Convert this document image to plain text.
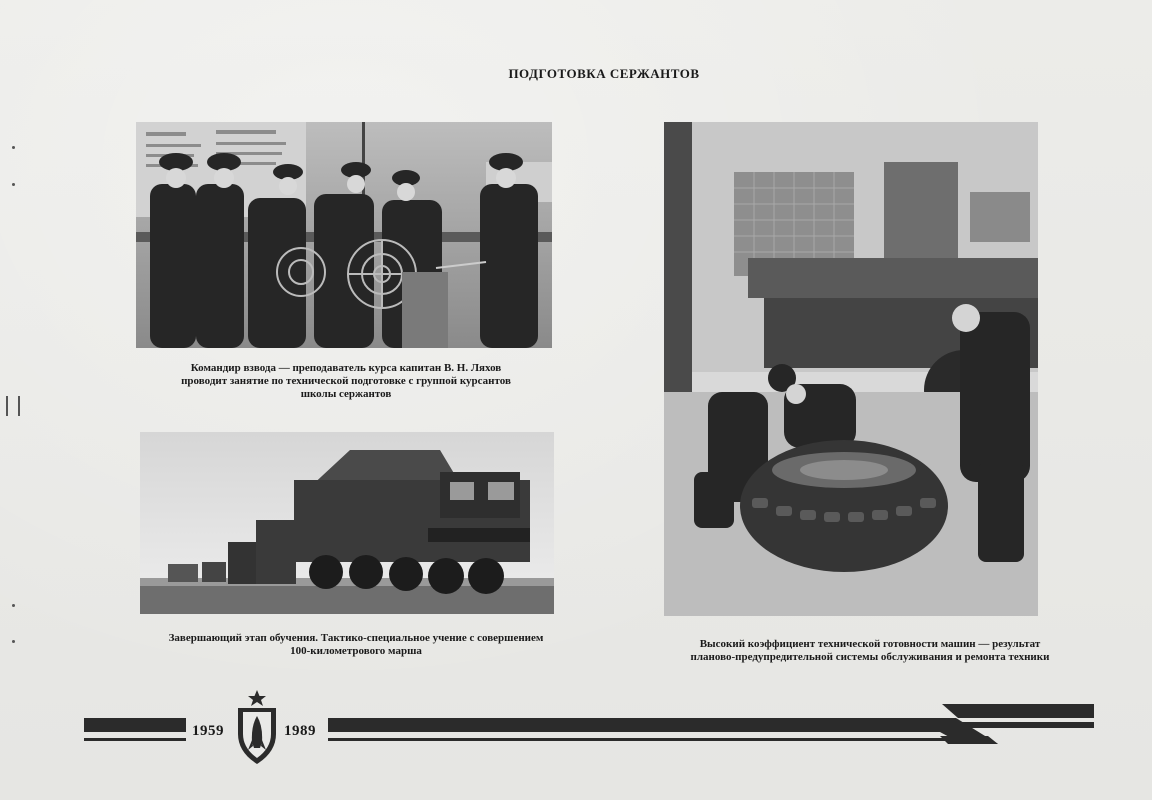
ПОДГОТОВКА СЕРЖАНТОВ
Командир взвода — преподаватель курса капитан В. Н. Ляхов
проводит занятие по технической подготовке с группой курсантов
школы сержантов
Завершающий этап обучения. Тактико-специальное учение с совершением
100-километрового марша
Высокий коэффициент технической готовности машин — результат
планово-предупредительной системы обслуживания и ремонта техники
1959	1989
